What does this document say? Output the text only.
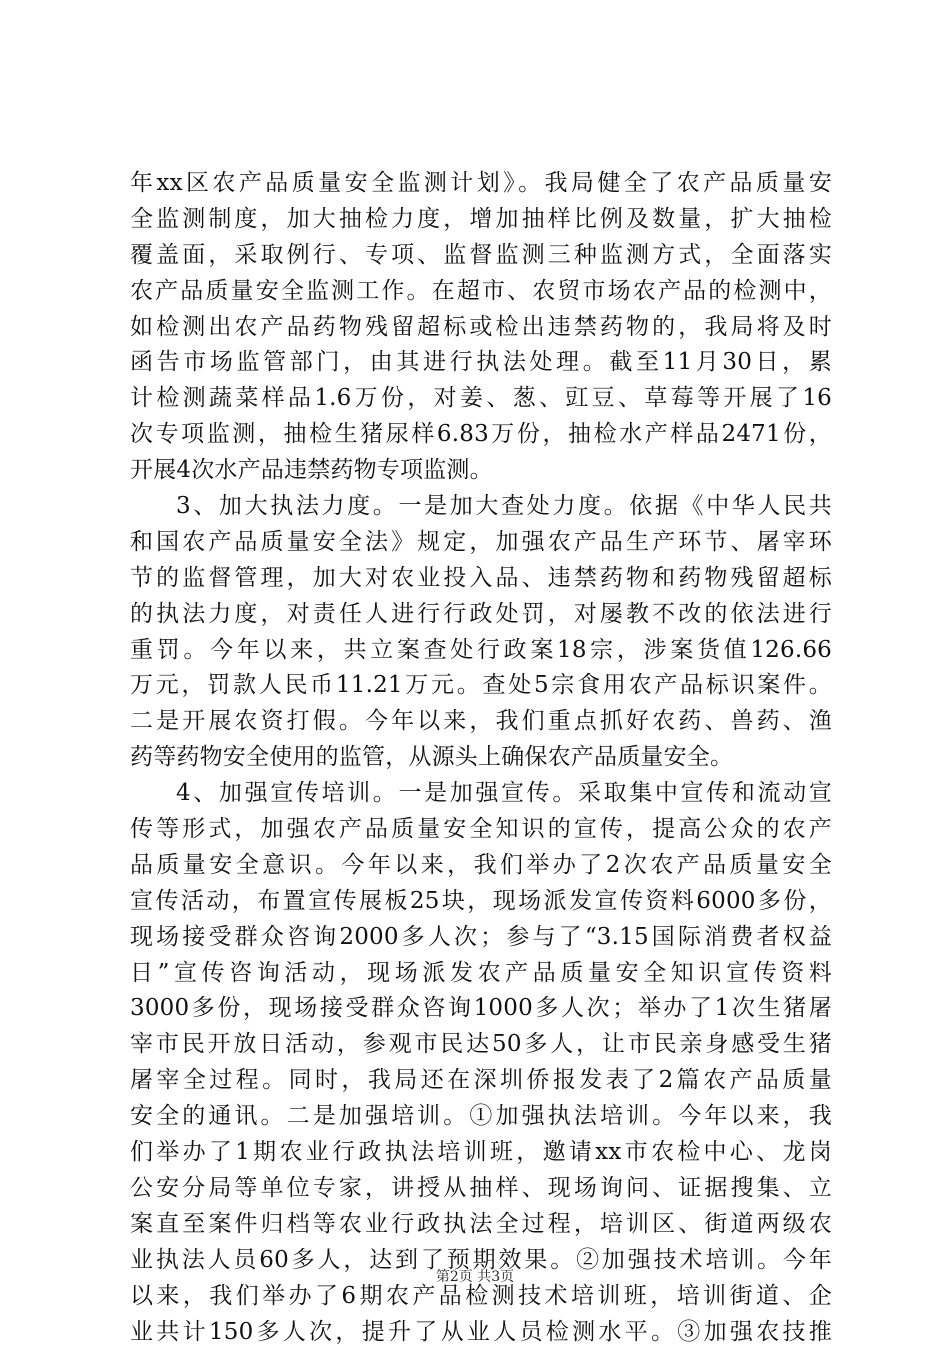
年xx区农产品质量安全监测计划》。我局健全了农产品质量安
全监测制度，加大抽检力度，增加抽样比例及数量，扩大抽检
覆盖面，采取例行、专项、监督监测三种监测方式，全面落实
农产品质量安全监测工作。在超市、农贸市场农产品的检测中，
如检测出农产品药物残留超标或检出违禁药物的，我局将及时
函告市场监管部门，由其进行执法处理。截至11月30日，累
计检测蔬菜样品1.6万份，对姜、葱、豇豆、草莓等开展了16
次专项监测，抽检生猪尿样6.83万份，抽检水产样品2471份，
开展4次水产品违禁药物专项监测。
3、加大执法力度。一是加大查处力度。依据《中华人民共
和国农产品质量安全法》规定，加强农产品生产环节、屠宰环
节的监督管理，加大对农业投入品、违禁药物和药物残留超标
的执法力度，对责任人进行行政处罚，对屡教不改的依法进行
重罚。今年以来，共立案查处行政案18宗，涉案货值126.66
万元，罚款人民币11.21万元。查处5宗食用农产品标识案件。
二是开展农资打假。今年以来，我们重点抓好农药、兽药、渔
药等药物安全使用的监管，从源头上确保农产品质量安全。
4、加强宣传培训。一是加强宣传。采取集中宣传和流动宣
传等形式，加强农产品质量安全知识的宣传，提高公众的农产
品质量安全意识。今年以来，我们举办了2次农产品质量安全
宣传活动，布置宣传展板25块，现场派发宣传资料6000多份，
现场接受群众咨询2000多人次；参与了“3.15国际消费者权益
日”宣传咨询活动，现场派发农产品质量安全知识宣传资料
3000多份，现场接受群众咨询1000多人次；举办了1次生猪屠
宰市民开放日活动，参观市民达50多人，让市民亲身感受生猪
屠宰全过程。同时，我局还在深圳侨报发表了2篇农产品质量
安全的通讯。二是加强培训。①加强执法培训。今年以来，我
们举办了1期农业行政执法培训班，邀请xx市农检中心、龙岗
公安分局等单位专家，讲授从抽样、现场询问、证据搜集、立
案直至案件归档等农业行政执法全过程，培训区、街道两级农
业执法人员60多人，达到了预期效果。②加强技术培训。今年
以来，我们举办了6期农产品检测技术培训班，培训街道、企
业共计150多人次，提升了从业人员检测水平。③加强农技推
第2页 共3页
